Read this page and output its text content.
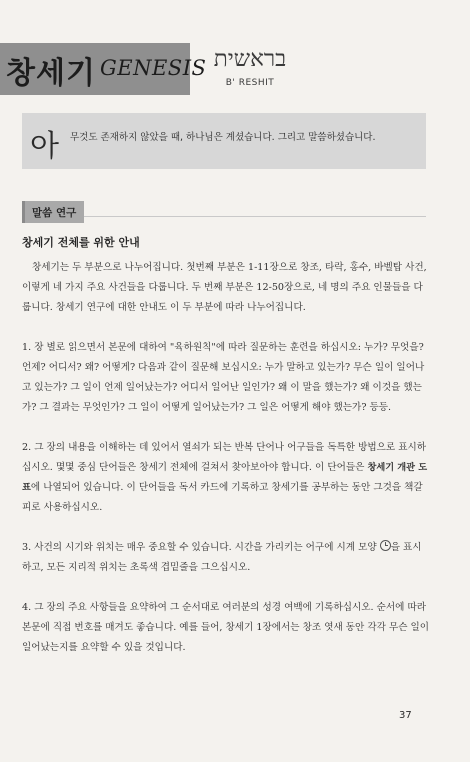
창세기 GENESIS בראשית
B' RESHIT
아 무것도 존재하지 않았을 때, 하나님은 계셨습니다. 그리고 말씀하셨습니다.
말씀 연구
창세기 전체를 위한 안내

창세기는 두 부분으로 나누어집니다. 첫번째 부분은 1-11장으로 창조, 타락, 홍수, 바벨탑 사건, 이렇게 네 가지 주요 사건들을 다룹니다. 두 번째 부분은 12-50장으로, 네 명의 주요 인물들을 다룹니다. 창세기 연구에 대한 안내도 이 두 부분에 따라 나누어집니다.

1. 장 별로 읽으면서 본문에 대하여 "육하원칙"에 따라 질문하는 훈련을 하십시오: 누가? 무엇을? 언제? 어디서? 왜? 어떻게? 다음과 같이 질문해 보십시오: 누가 말하고 있는가? 무슨 일이 일어나고 있는가? 그 일이 언제 일어났는가? 어디서 일어난 일인가? 왜 이 말을 했는가? 왜 이것을 했는가? 그 결과는 무엇인가? 그 일이 어떻게 일어났는가? 그 일은 어떻게 해야 했는가? 등등.

2. 그 장의 내용을 이해하는 데 있어서 열쇠가 되는 반복 단어나 어구들을 독특한 방법으로 표시하십시오. 몇몇 중심 단어들은 창세기 전체에 걸쳐서 찾아보아야 합니다. 이 단어들은 창세기 개관 도표에 나열되어 있습니다. 이 단어들을 독서 카드에 기록하고 창세기를 공부하는 동안 그것을 책갈피로 사용하십시오.

3. 사건의 시기와 위치는 매우 중요할 수 있습니다. 시간을 가리키는 어구에 시계 모양 을 표시하고, 모든 지리적 위치는 초록색 겹밑줄을 그으십시오.

4. 그 장의 주요 사항들을 요약하여 그 순서대로 여러분의 성경 여백에 기록하십시오. 순서에 따라 본문에 직접 번호를 매겨도 좋습니다. 예를 들어, 창세기 1장에서는 창조 엿새 동안 각각 무슨 일이 일어났는지를 요약할 수 있을 것입니다.

37
